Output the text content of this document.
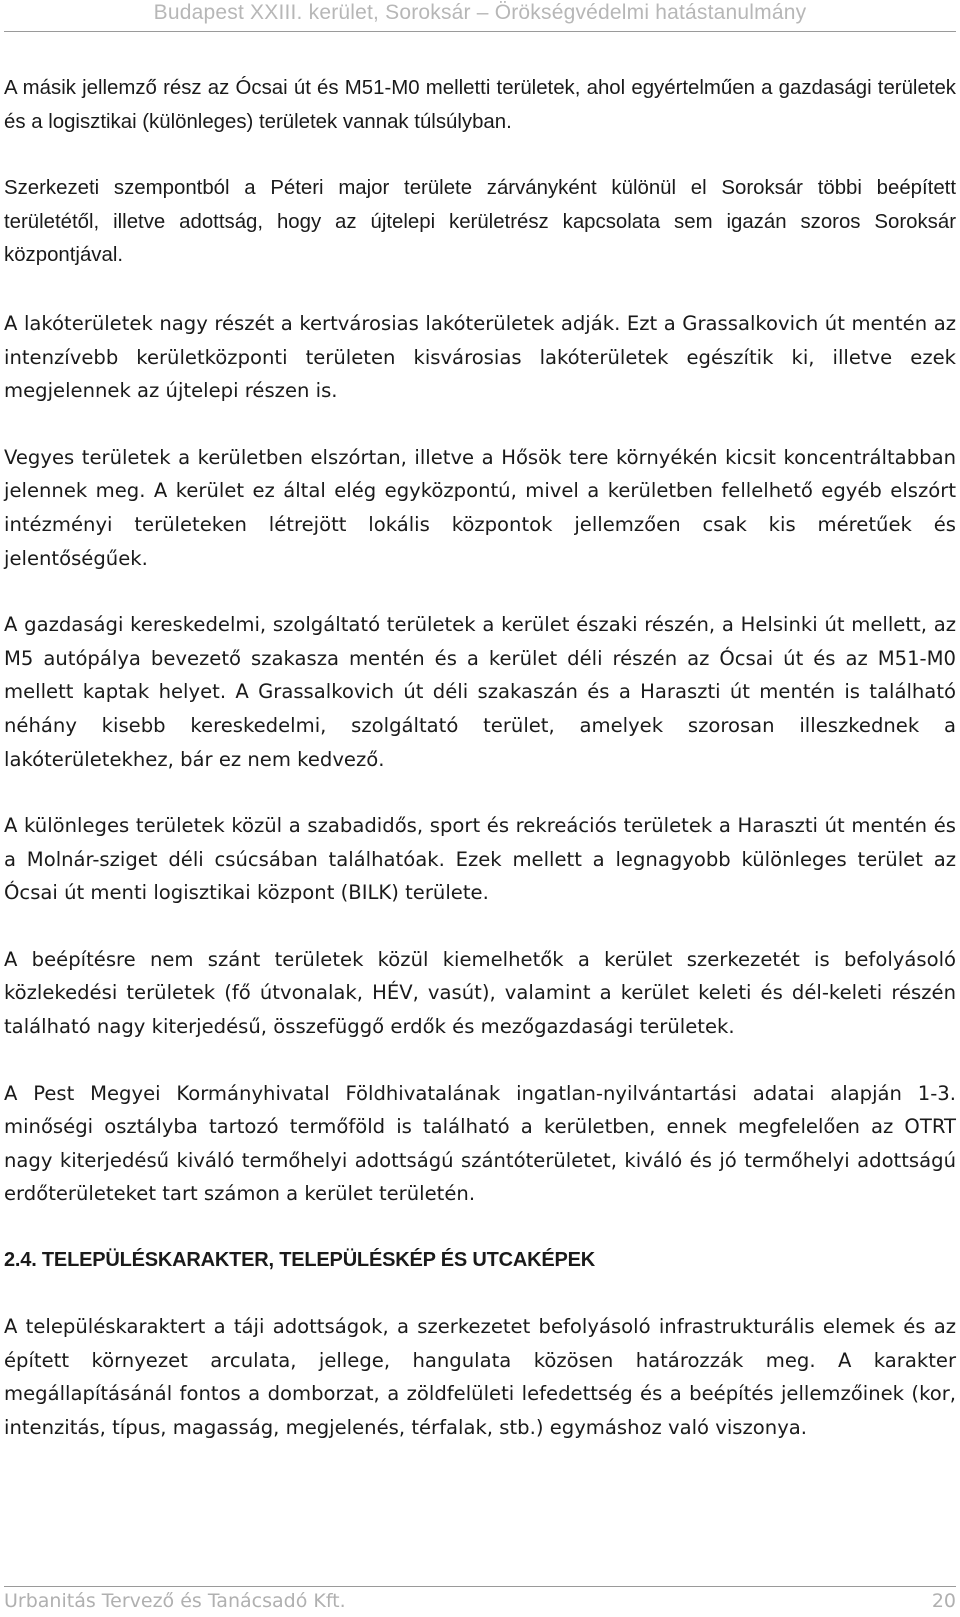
Budapest XXIII. kerület, Soroksár – Örökségvédelmi hatástanulmány

A másik jellemző rész az Ócsai út és M51-M0 melletti területek, ahol egyértelműen a gazdasági területek és a logisztikai (különleges) területek vannak túlsúlyban.

Szerkezeti szempontból a Péteri major területe zárványként különül el Soroksár többi beépített területétől, illetve adottság, hogy az újtelepi kerületrész kapcsolata sem igazán szoros Soroksár központjával.

A lakóterületek nagy részét a kertvárosias lakóterületek adják. Ezt a Grassalkovich út mentén az intenzívebb kerületközponti területen kisvárosias lakóterületek egészítik ki, illetve ezek megjelennek az újtelepi részen is.

Vegyes területek a kerületben elszórtan, illetve a Hősök tere környékén kicsit koncentráltabban jelennek meg. A kerület ez által elég egyközpontú, mivel a kerületben fellelhető egyéb elszórt intézményi területeken létrejött lokális központok jellemzően csak kis méretűek és jelentőségűek.

A gazdasági kereskedelmi, szolgáltató területek a kerület északi részén, a Helsinki út mellett, az M5 autópálya bevezető szakasza mentén és a kerület déli részén az Ócsai út és az M51-M0 mellett kaptak helyet. A Grassalkovich út déli szakaszán és a Haraszti út mentén is található néhány kisebb kereskedelmi, szolgáltató terület, amelyek szorosan illeszkednek a lakóterületekhez, bár ez nem kedvező.

A különleges területek közül a szabadidős, sport és rekreációs területek a Haraszti út mentén és a Molnár-sziget déli csúcsában találhatóak. Ezek mellett a legnagyobb különleges terület az Ócsai út menti logisztikai központ (BILK) területe.

A beépítésre nem szánt területek közül kiemelhetők a kerület szerkezetét is befolyásoló közlekedési területek (fő útvonalak, HÉV, vasút), valamint a kerület keleti és dél-keleti részén található nagy kiterjedésű, összefüggő erdők és mezőgazdasági területek.

A Pest Megyei Kormányhivatal Földhivatalának ingatlan-nyilvántartási adatai alapján 1-3. minőségi osztályba tartozó termőföld is található a kerületben, ennek megfelelően az OTRT nagy kiterjedésű kiváló termőhelyi adottságú szántóterületet, kiváló és jó termőhelyi adottságú erdőterületeket tart számon a kerület területén.

2.4. TELEPÜLÉSKARAKTER, TELEPÜLÉSKÉP ÉS UTCAKÉPEK

A településkaraktert a táji adottságok, a szerkezetet befolyásoló infrastrukturális elemek és az épített környezet arculata, jellege, hangulata közösen határozzák meg. A karakter megállapításánál fontos a domborzat, a zöldfelületi lefedettség és a beépítés jellemzőinek (kor, intenzitás, típus, magasság, megjelenés, térfalak, stb.) egymáshoz való viszonya.

Urbanitás Tervező és Tanácsadó Kft.	20
